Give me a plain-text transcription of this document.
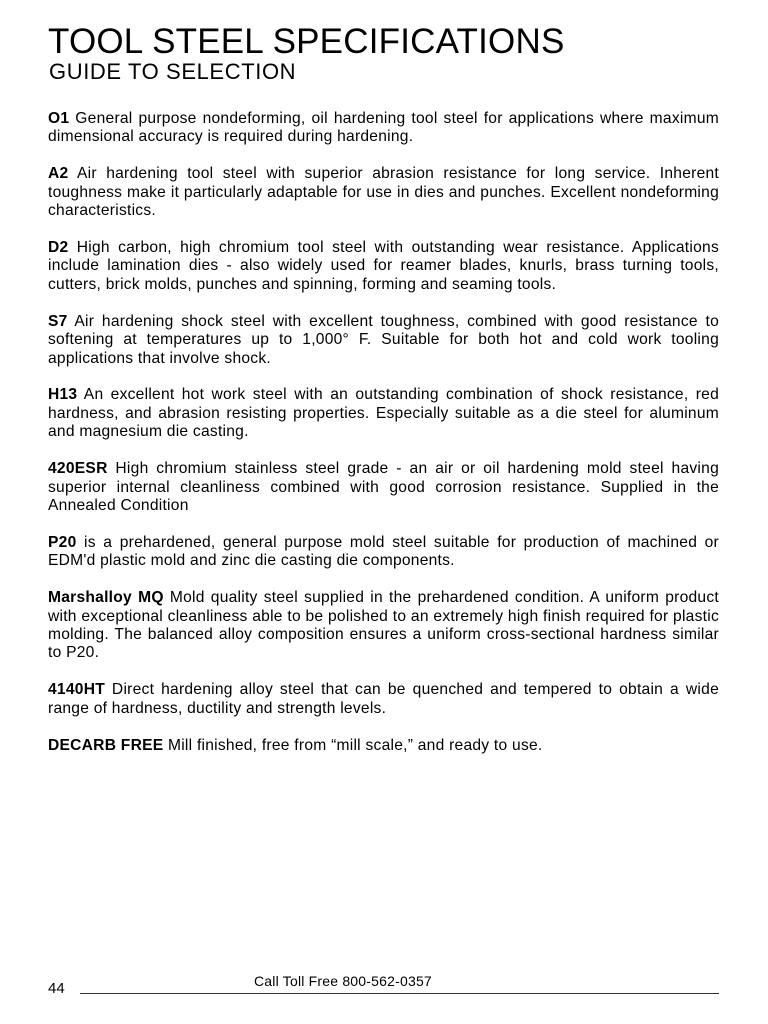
TOOL STEEL SPECIFICATIONS
GUIDE TO SELECTION

O1 General purpose nondeforming, oil hardening tool steel for applications where maximum dimensional accuracy is required during hardening.

A2 Air hardening tool steel with superior abrasion resistance for long service. Inherent toughness make it particularly adaptable for use in dies and punches. Excellent nondeforming characteristics.

D2 High carbon, high chromium tool steel with outstanding wear resistance. Applications include lamination dies - also widely used for reamer blades, knurls, brass turning tools, cutters, brick molds, punches and spinning, forming and seaming tools.

S7 Air hardening shock steel with excellent toughness, combined with good resistance to softening at temperatures up to 1,000° F. Suitable for both hot and cold work tooling applications that involve shock.

H13 An excellent hot work steel with an outstanding combination of shock resistance, red hardness, and abrasion resisting properties. Especially suitable as a die steel for aluminum and magnesium die casting.

420ESR High chromium stainless steel grade - an air or oil hardening mold steel having superior internal cleanliness combined with good corrosion resistance. Supplied in the Annealed Condition

P20 is a prehardened, general purpose mold steel suitable for production of machined or EDM'd plastic mold and zinc die casting die components.

Marshalloy MQ Mold quality steel supplied in the prehardened condition. A uniform product with exceptional cleanliness able to be polished to an extremely high finish required for plastic molding. The balanced alloy composition ensures a uniform cross-sectional hardness similar to P20.

4140HT Direct hardening alloy steel that can be quenched and tempered to obtain a wide range of hardness, ductility and strength levels.

DECARB FREE Mill finished, free from “mill scale,” and ready to use.

44	Call Toll Free 800-562-0357
